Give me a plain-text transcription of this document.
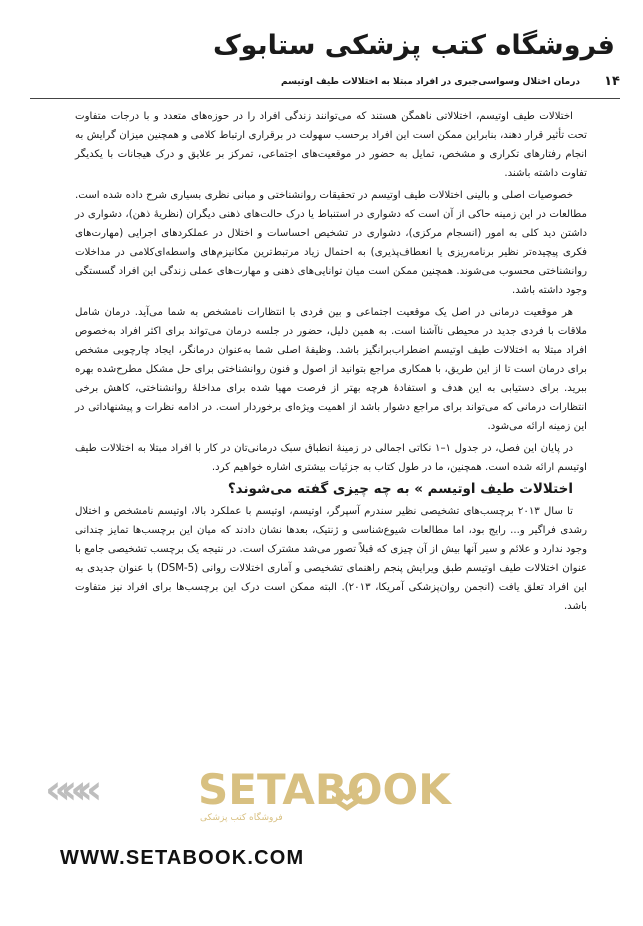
فروشگاه کتب پزشکی ستابوک
۱۴
درمان اختلال وسواسی‌جبری در افراد مبتلا به اختلالات طیف اوتیسم

اختلالات طیف اوتیسم، اختلالاتی ناهمگن هستند که می‌توانند زندگی افراد را در حوزه‌های متعدد و با درجات متفاوت تحت تأثیر قرار دهند، بنابراین ممکن است این افراد برحسب سهولت در برقراری ارتباط کلامی و همچنین میزان گرایش به انجام رفتارهای تکراری و مشخص، تمایل به حضور در موقعیت‌های اجتماعی، تمرکز بر علایق و درک هیجانات با یکدیگر تفاوت داشته باشند.

خصوصیات اصلی و بالینی اختلالات طیف اوتیسم در تحقیقات روانشناختی و مبانی نظری بسیاری شرح داده شده است. مطالعات در این زمینه حاکی از آن است که دشواری در استنباط یا درک حالت‌های ذهنی دیگران (نظریهٔ ذهن)، دشواری در داشتن دید کلی به امور (انسجام مرکزی)، دشواری در تشخیص احساسات و اختلال در عملکردهای اجرایی (مهارت‌های فکری پیچیده‌تر نظیر برنامه‌ریزی یا انعطاف‌پذیری) به احتمال زیاد مرتبط‌ترین مکانیزم‌های واسطه‌ای‌کلامی در مداخلات روانشناختی محسوب می‌شوند. همچنین ممکن است میان توانایی‌های ذهنی و مهارت‌های عملی زندگی این افراد گسستگی وجود داشته باشد.

هر موقعیت درمانی در اصل یک موقعیت اجتماعی و بین فردی با انتظارات نامشخص به شما می‌آید. درمان شامل ملاقات با فردی جدید در محیطی ناآشنا است. به همین دلیل، حضور در جلسه درمان می‌تواند برای اکثر افراد به‌خصوص افراد مبتلا به اختلالات طیف اوتیسم اضطراب‌برانگیز باشد. وظیفهٔ اصلی شما به‌عنوان درمانگر، ایجاد چارچوبی مشخص برای درمان است تا از این طریق، با همکاری مراجع بتوانید از اصول و فنون روانشناختی برای حل مشکل مطرح‌شده بهره ببرید. برای دستیابی به این هدف و استفادهٔ هرچه بهتر از فرصت مهیا شده برای مداخلهٔ روانشناختی، کاهش برخی انتظارات درمانی که می‌تواند برای مراجع دشوار باشد از اهمیت ویژه‌ای برخوردار است. در ادامه نظرات و پیشنهاداتی در این زمینه ارائه می‌شود.

در پایان این فصل، در جدول ۱–۱ نکاتی اجمالی در زمینهٔ انطباق سبک درمانی‌تان در کار با افراد مبتلا به اختلالات طیف اوتیسم ارائه شده است. همچنین، ما در طول کتاب به جزئیات بیشتری اشاره خواهیم کرد.

اختلالات طیف اوتیسم » به چه چیزی گفته می‌شوند؟

تا سال ۲۰۱۳ برچسب‌های تشخیصی نظیر سندرم آسپرگر، اوتیسم، اوتیسم با عملکرد بالا، اوتیسم نامشخص و اختلال رشدی فراگیر و... رایج بود، اما مطالعات شیوع‌شناسی و ژنتیک، بعدها نشان دادند که میان این برچسب‌ها تمایز چندانی وجود ندارد و علائم و سیر آنها بیش از آن چیزی که قبلاً تصور می‌شد مشترک است. در نتیجه یک برچسب تشخیصی جامع با عنوان اختلالات طیف اوتیسم طبق ویرایش پنجم راهنمای تشخیصی و آماری اختلالات روانی (DSM-5) با عنوان جدیدی به این افراد تعلق یافت (انجمن روان‌پزشکی آمریکا، ۲۰۱۳). البته ممکن است درک این برچسب‌ها برای افراد نیز متفاوت باشد.

«««	SETABOOK
فروشگاه کتب پزشکی
WWW.SETABOOK.COM
